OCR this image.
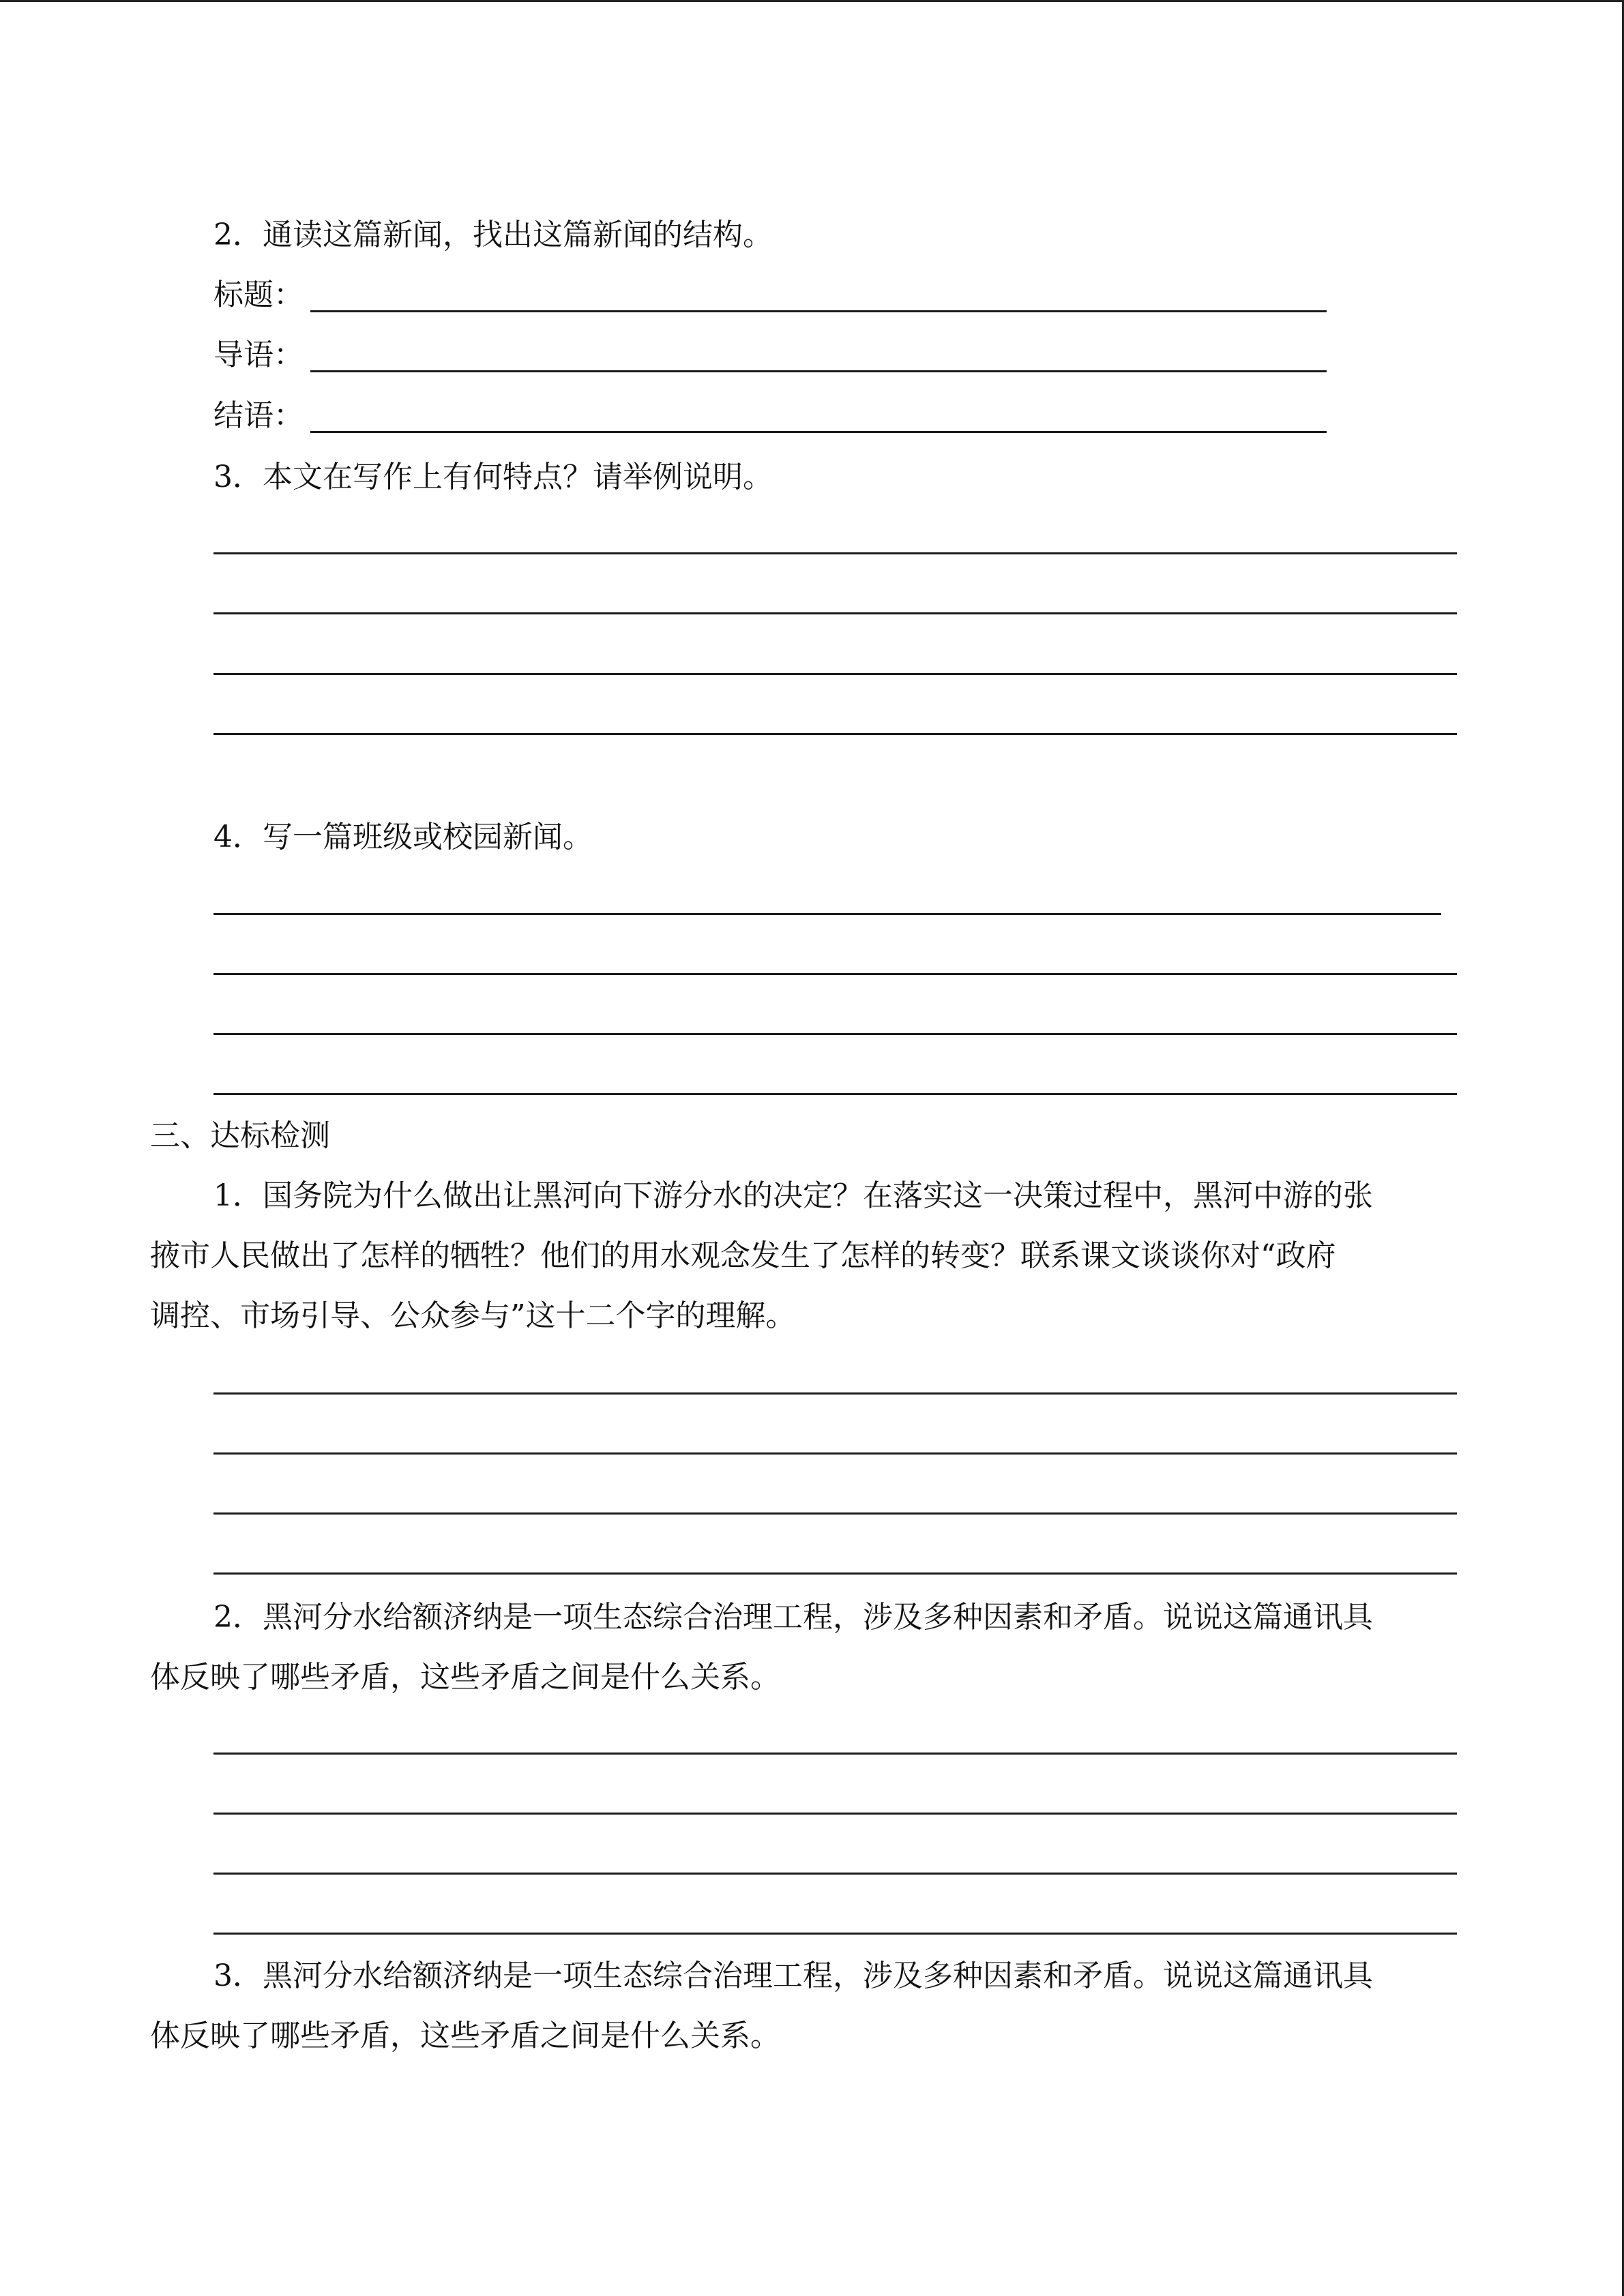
2．通读这篇新闻，找出这篇新闻的结构。
标题：
导语：
结语：
3．本文在写作上有何特点？请举例说明。
4．写一篇班级或校园新闻。
三、达标检测
1．国务院为什么做出让黑河向下游分水的决定？在落实这一决策过程中，黑河中游的张
掖市人民做出了怎样的牺牲？他们的用水观念发生了怎样的转变？联系课文谈谈你对“政府
调控、市场引导、公众参与”这十二个字的理解。
2．黑河分水给额济纳是一项生态综合治理工程，涉及多种因素和矛盾。说说这篇通讯具
体反映了哪些矛盾，这些矛盾之间是什么关系。
3．黑河分水给额济纳是一项生态综合治理工程，涉及多种因素和矛盾。说说这篇通讯具
体反映了哪些矛盾，这些矛盾之间是什么关系。
